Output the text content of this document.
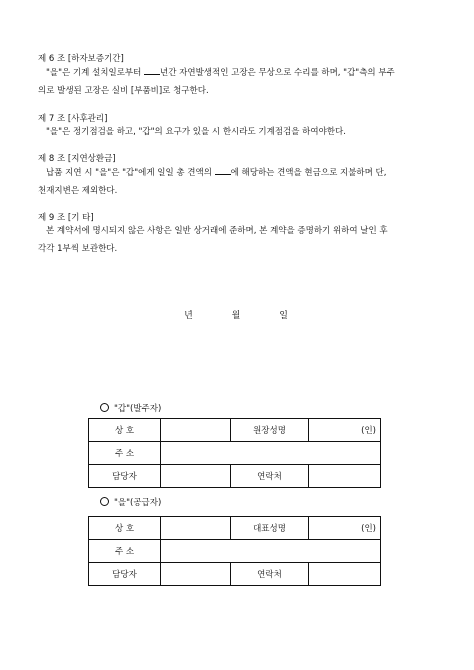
제 6 조 [하자보증기간]
"을"은 기계 설치일로부터 년간 자연발생적인 고장은 무상으로 수리를 하며, "갑"측의 부주
의로 발생된 고장은 실비 [부품비]로 청구한다.
제 7 조 [사후관리]
"을"은 정기점검을 하고, "갑"의 요구가 있을 시 한시라도 기계점검을 하여야한다.
제 8 조 [지연상환금]
납품 지연 시 "을"은 "갑"에게 일일 총 견액의 에 해당하는 견액을 현금으로 지불하며 단,
천재지변은 제외한다.
제 9 조 [기 타]
본 계약서에 명시되지 않은 사항은 일반 상거래에 준하며, 본 계약을 증명하기 위하여 날인 후
각각 1부씩 보관한다.
년	월	일
"갑"(발주자)
상 호		원장성명	(인)
주 소			
담당자		연락처	
"을"(공급자)
상 호		대표성명	(인)
주 소			
담당자		연락처	
